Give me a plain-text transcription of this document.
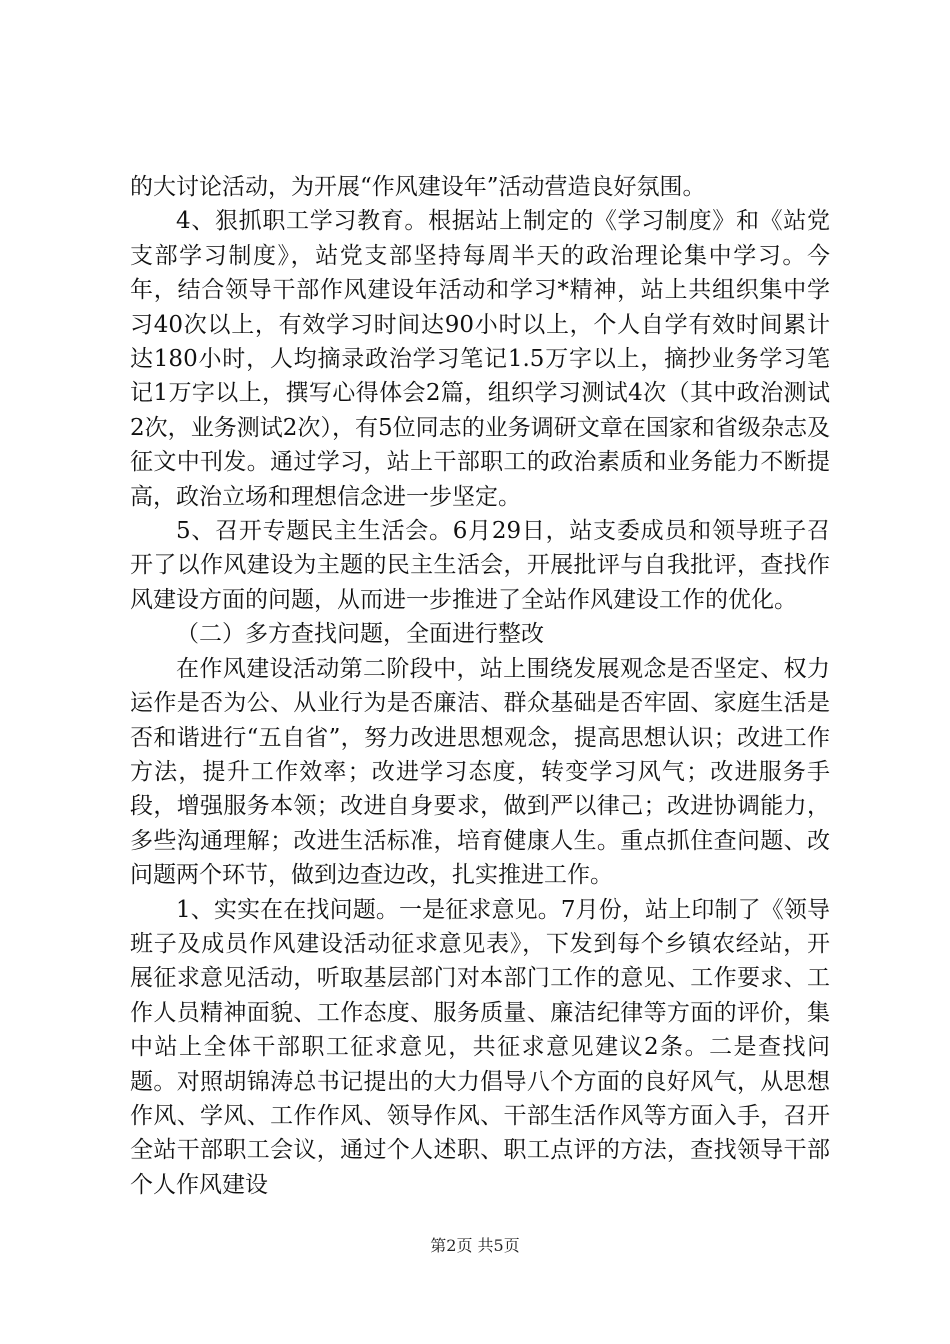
的大讨论活动，为开展“作风建设年”活动营造良好氛围。

4、狠抓职工学习教育。根据站上制定的《学习制度》和《站党支部学习制度》，站党支部坚持每周半天的政治理论集中学习。今年，结合领导干部作风建设年活动和学习*精神，站上共组织集中学习40次以上，有效学习时间达90小时以上，个人自学有效时间累计达180小时，人均摘录政治学习笔记1.5万字以上，摘抄业务学习笔记1万字以上，撰写心得体会2篇，组织学习测试4次（其中政治测试2次，业务测试2次），有5位同志的业务调研文章在国家和省级杂志及征文中刊发。通过学习，站上干部职工的政治素质和业务能力不断提高，政治立场和理想信念进一步坚定。

5、召开专题民主生活会。6月29日，站支委成员和领导班子召开了以作风建设为主题的民主生活会，开展批评与自我批评，查找作风建设方面的问题，从而进一步推进了全站作风建设工作的优化。

（二）多方查找问题，全面进行整改

在作风建设活动第二阶段中，站上围绕发展观念是否坚定、权力运作是否为公、从业行为是否廉洁、群众基础是否牢固、家庭生活是否和谐进行“五自省”，努力改进思想观念，提高思想认识；改进工作方法，提升工作效率；改进学习态度，转变学习风气；改进服务手段，增强服务本领；改进自身要求，做到严以律己；改进协调能力，多些沟通理解；改进生活标准，培育健康人生。重点抓住查问题、改问题两个环节，做到边查边改，扎实推进工作。

1、实实在在找问题。一是征求意见。7月份，站上印制了《领导班子及成员作风建设活动征求意见表》，下发到每个乡镇农经站，开展征求意见活动，听取基层部门对本部门工作的意见、工作要求、工作人员精神面貌、工作态度、服务质量、廉洁纪律等方面的评价，集中站上全体干部职工征求意见，共征求意见建议2条。二是查找问题。对照胡锦涛总书记提出的大力倡导八个方面的良好风气，从思想作风、学风、工作作风、领导作风、干部生活作风等方面入手，召开全站干部职工会议，通过个人述职、职工点评的方法，查找领导干部个人作风建设

第2页 共5页
